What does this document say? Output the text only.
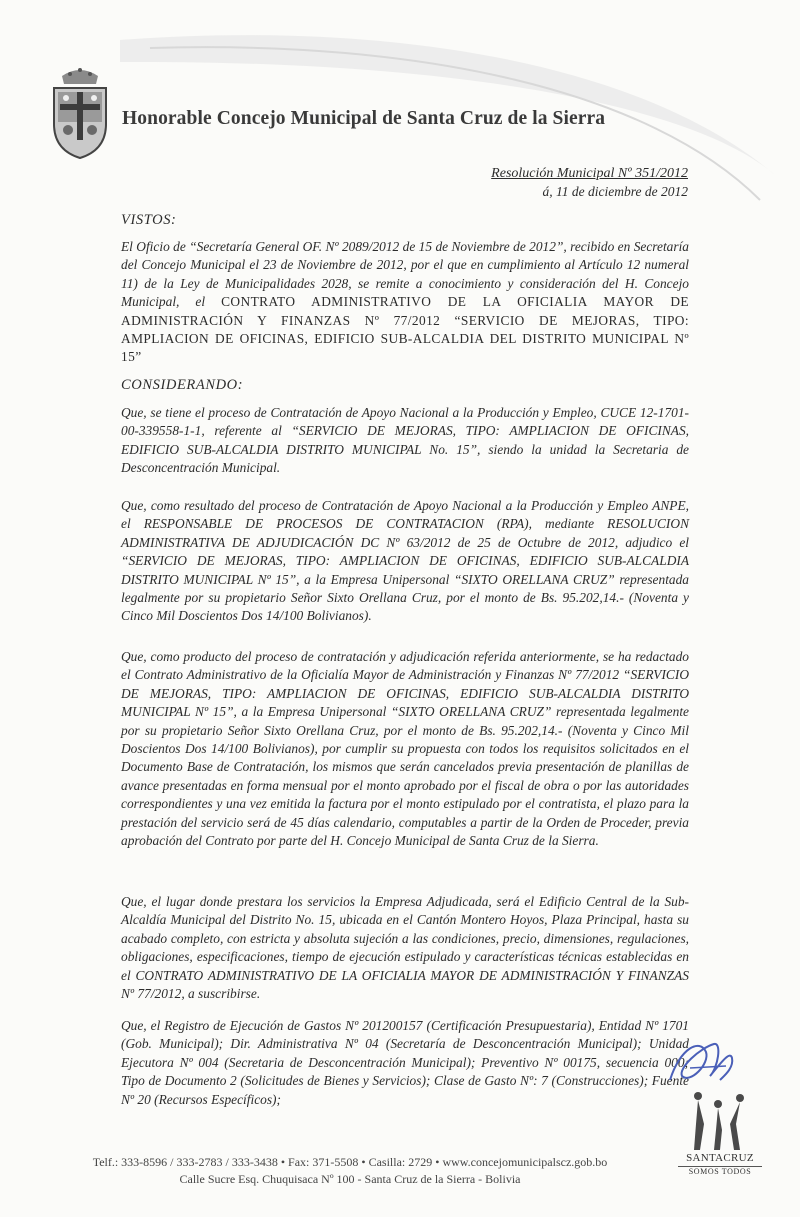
Honorable Concejo Municipal de Santa Cruz de la Sierra
Resolución Municipal Nº 351/2012
á, 11 de diciembre de 2012
VISTOS:

El Oficio de “Secretaría General OF. Nº 2089/2012 de 15 de Noviembre de 2012”, recibido en Secretaría del Concejo Municipal el 23 de Noviembre de 2012, por el que en cumplimiento al Artículo 12 numeral 11) de la Ley de Municipalidades 2028, se remite a conocimiento y consideración del H. Concejo Municipal, el CONTRATO ADMINISTRATIVO DE LA OFICIALIA MAYOR DE ADMINISTRACIÓN Y FINANZAS Nº 77/2012 “SERVICIO DE MEJORAS, TIPO: AMPLIACION DE OFICINAS, EDIFICIO SUB-ALCALDIA DEL DISTRITO MUNICIPAL Nº 15”

CONSIDERANDO:

Que, se tiene el proceso de Contratación de Apoyo Nacional a la Producción y Empleo, CUCE 12-1701-00-339558-1-1, referente al “SERVICIO DE MEJORAS, TIPO: AMPLIACION DE OFICINAS, EDIFICIO SUB-ALCALDIA DISTRITO MUNICIPAL No. 15”, siendo la unidad la Secretaria de Desconcentración Municipal.

Que, como resultado del proceso de Contratación de Apoyo Nacional a la Producción y Empleo ANPE, el RESPONSABLE DE PROCESOS DE CONTRATACION (RPA), mediante RESOLUCION ADMINISTRATIVA DE ADJUDICACIÓN DC Nº 63/2012 de 25 de Octubre de 2012, adjudico el “SERVICIO DE MEJORAS, TIPO: AMPLIACION DE OFICINAS, EDIFICIO SUB-ALCALDIA DISTRITO MUNICIPAL Nº 15”, a la Empresa Unipersonal “SIXTO ORELLANA CRUZ” representada legalmente por su propietario Señor Sixto Orellana Cruz, por el monto de Bs. 95.202,14.- (Noventa y Cinco Mil Doscientos Dos 14/100 Bolivianos).

Que, como producto del proceso de contratación y adjudicación referida anteriormente, se ha redactado el Contrato Administrativo de la Oficialía Mayor de Administración y Finanzas Nº 77/2012 “SERVICIO DE MEJORAS, TIPO: AMPLIACION DE OFICINAS, EDIFICIO SUB-ALCALDIA DISTRITO MUNICIPAL Nº 15”, a la Empresa Unipersonal “SIXTO ORELLANA CRUZ” representada legalmente por su propietario Señor Sixto Orellana Cruz, por el monto de Bs. 95.202,14.- (Noventa y Cinco Mil Doscientos Dos 14/100 Bolivianos), por cumplir su propuesta con todos los requisitos solicitados en el Documento Base de Contratación, los mismos que serán cancelados previa presentación de planillas de avance presentadas en forma mensual por el monto aprobado por el fiscal de obra o por las autoridades correspondientes y una vez emitida la factura por el monto estipulado por el contratista, el plazo para la prestación del servicio será de 45 días calendario, computables a partir de la Orden de Proceder, previa aprobación del Contrato por parte del H. Concejo Municipal de Santa Cruz de la Sierra.

Que, el lugar donde prestara los servicios la Empresa Adjudicada, será el Edificio Central de la Sub-Alcaldía Municipal del Distrito No. 15, ubicada en el Cantón Montero Hoyos, Plaza Principal, hasta su acabado completo, con estricta y absoluta sujeción a las condiciones, precio, dimensiones, regulaciones, obligaciones, especificaciones, tiempo de ejecución estipulado y características técnicas establecidas en el CONTRATO ADMINISTRATIVO DE LA OFICIALIA MAYOR DE ADMINISTRACIÓN Y FINANZAS Nº 77/2012, a suscribirse.

Que, el Registro de Ejecución de Gastos Nº 201200157 (Certificación Presupuestaria), Entidad Nº 1701 (Gob. Municipal); Dir. Administrativa Nº 04 (Secretaría de Desconcentración Municipal); Unidad Ejecutora Nº 004 (Secretaria de Desconcentración Municipal); Preventivo Nº 00175, secuencia 000; Tipo de Documento 2 (Solicitudes de Bienes y Servicios); Clase de Gasto Nº: 7 (Construcciones); Fuente Nº 20 (Recursos Específicos);

Telf.: 333-8596 / 333-2783 / 333-3438 • Fax: 371-5508 • Casilla: 2729 • www.concejomunicipalscz.gob.bo
Calle Sucre Esq. Chuquisaca Nº 100 - Santa Cruz de la Sierra - Bolivia
SANTACRUZ
SOMOS TODOS
